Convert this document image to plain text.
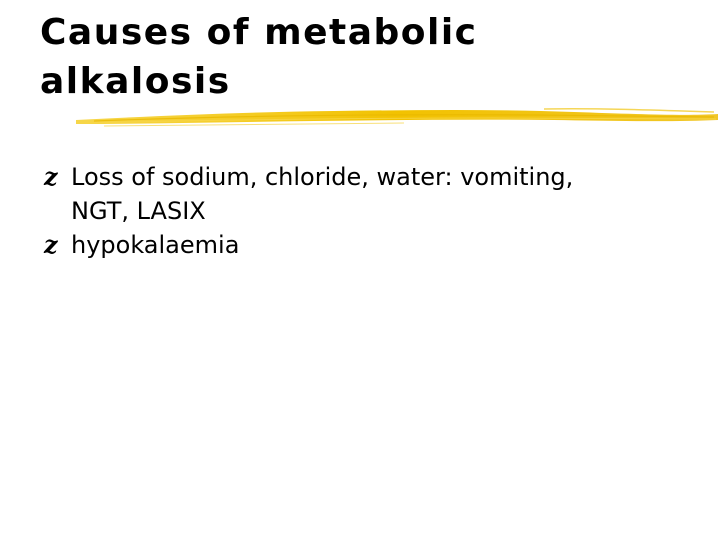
Causes of metabolic
alkalosis
z Loss of sodium, chloride, water: vomiting,
NGT, LASIX
z hypokalaemia
